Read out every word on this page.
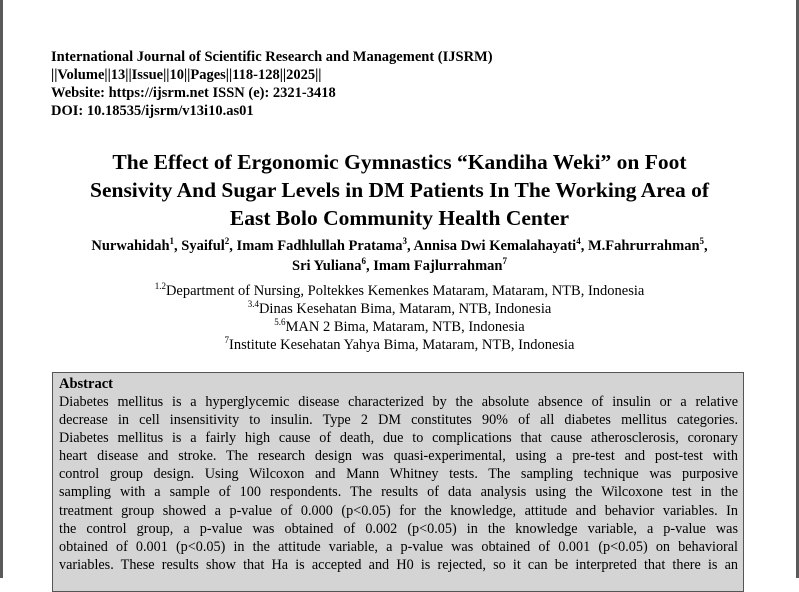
International Journal of Scientific Research and Management (IJSRM)
||Volume||13||Issue||10||Pages||118-128||2025||
Website: https://ijsrm.net ISSN (e): 2321-3418
DOI: 10.18535/ijsrm/v13i10.as01
The Effect of Ergonomic Gymnastics “Kandiha Weki” on Foot
Sensivity And Sugar Levels in DM Patients In The Working Area of
East Bolo Community Health Center
Nurwahidah$^1$, Syaiful$^2$, Imam Fadhlullah Pratama$^3$, Annisa Dwi Kemalahayati$^4$, M.Fahrurrahman$^5$,
Sri Yuliana$^6$, Imam Fajlurrahman$^7$
$^{1.2}$Department of Nursing, Poltekkes Kemenkes Mataram, Mataram, NTB, Indonesia
$^{3.4}$Dinas Kesehatan Bima, Mataram, NTB, Indonesia
$^{5.6}$MAN 2 Bima, Mataram, NTB, Indonesia
$^7$Institute Kesehatan Yahya Bima, Mataram, NTB, Indonesia
Abstract
Diabetes mellitus is a hyperglycemic disease characterized by the absolute absence of insulin or a relative
decrease in cell insensitivity to insulin. Type 2 DM constitutes 90% of all diabetes mellitus categories.
Diabetes mellitus is a fairly high cause of death, due to complications that cause atherosclerosis, coronary
heart disease and stroke. The research design was quasi-experimental, using a pre-test and post-test with
control group design. Using Wilcoxon and Mann Whitney tests. The sampling technique was purposive
sampling with a sample of 100 respondents. The results of data analysis using the Wilcoxone test in the
treatment group showed a p-value of 0.000 (p<0.05) for the knowledge, attitude and behavior variables. In
the control group, a p-value was obtained of 0.002 (p<0.05) in the knowledge variable, a p-value was
obtained of 0.001 (p<0.05) in the attitude variable, a p-value was obtained of 0.001 (p<0.05) on behavioral
variables. These results show that Ha is accepted and H0 is rejected, so it can be interpreted that there is an
